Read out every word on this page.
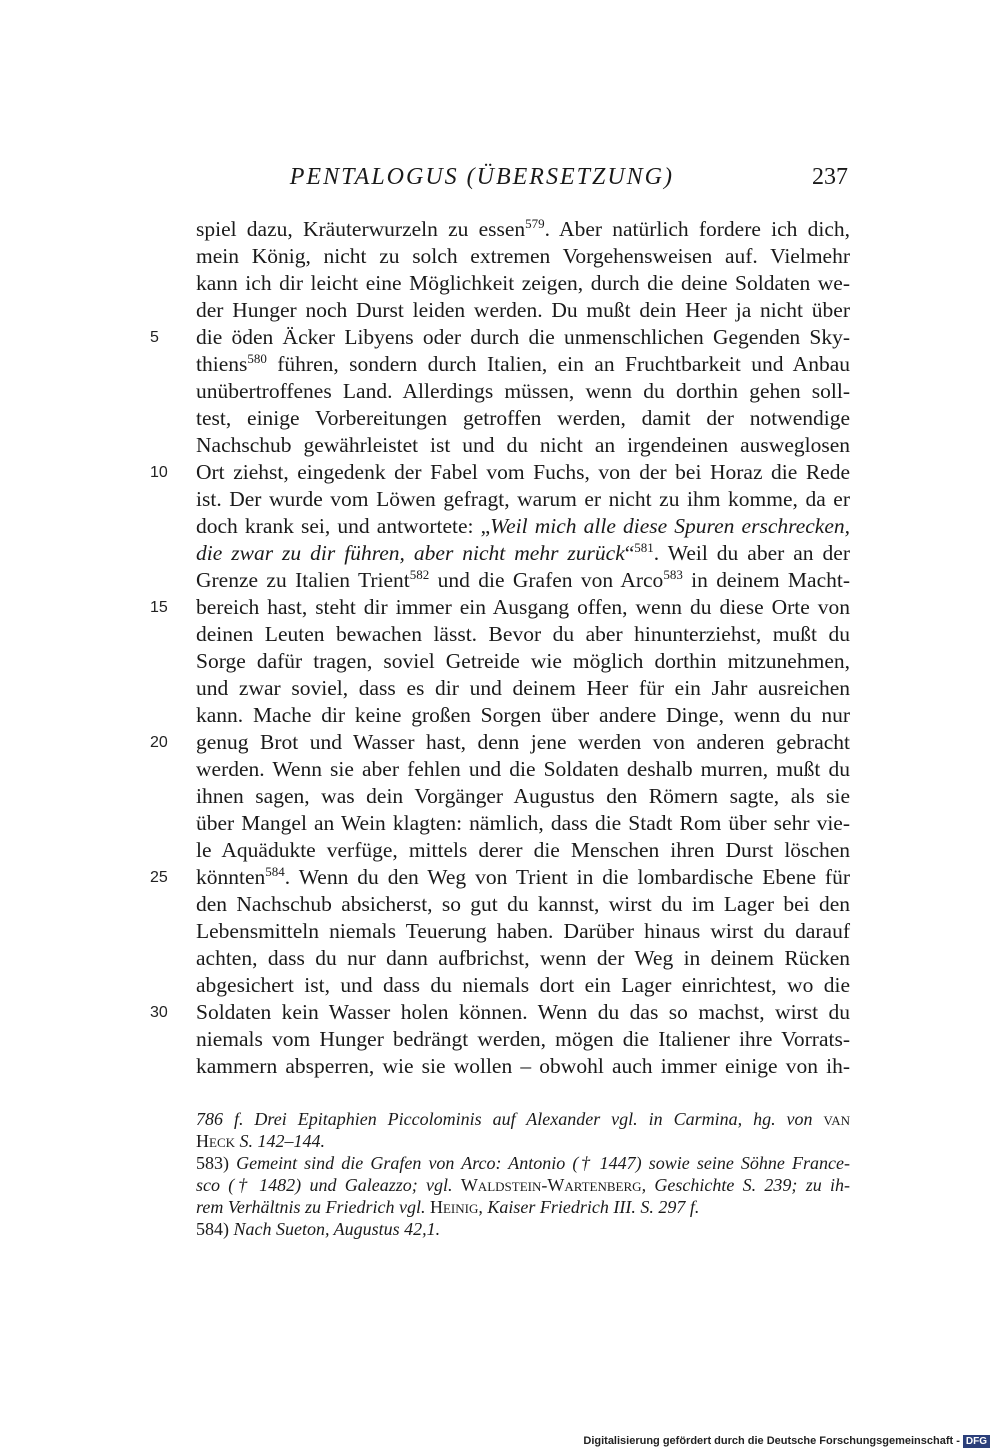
PENTALOGUS (ÜBERSETZUNG)	237
spiel dazu, Kräuterwurzeln zu essen$^{579}$. Aber natürlich fordere ich dich,
mein König, nicht zu solch extremen Vorgehensweisen auf. Vielmehr
kann ich dir leicht eine Möglichkeit zeigen, durch die deine Soldaten we-
der Hunger noch Durst leiden werden. Du mußt dein Heer ja nicht über
5	die öden Äcker Libyens oder durch die unmenschlichen Gegenden Sky-
thiens$^{580}$ führen, sondern durch Italien, ein an Fruchtbarkeit und Anbau
unübertroffenes Land. Allerdings müssen, wenn du dorthin gehen soll-
test, einige Vorbereitungen getroffen werden, damit der notwendige
Nachschub gewährleistet ist und du nicht an irgendeinen ausweglosen
10 Ort ziehst, eingedenk der Fabel vom Fuchs, von der bei Horaz die Rede
ist. Der wurde vom Löwen gefragt, warum er nicht zu ihm komme, da er
doch krank sei, und antwortete: „Weil mich alle diese Spuren erschrecken,
die zwar zu dir führen, aber nicht mehr zurück“$^{581}$. Weil du aber an der
Grenze zu Italien Trient$^{582}$ und die Grafen von Arco$^{583}$ in deinem Macht-
15 bereich hast, steht dir immer ein Ausgang offen, wenn du diese Orte von
deinen Leuten bewachen lässt. Bevor du aber hinunterziehst, mußt du
Sorge dafür tragen, soviel Getreide wie möglich dorthin mitzunehmen,
und zwar soviel, dass es dir und deinem Heer für ein Jahr ausreichen
kann. Mache dir keine großen Sorgen über andere Dinge, wenn du nur
20 genug Brot und Wasser hast, denn jene werden von anderen gebracht
werden. Wenn sie aber fehlen und die Soldaten deshalb murren, mußt du
ihnen sagen, was dein Vorgänger Augustus den Römern sagte, als sie
über Mangel an Wein klagten: nämlich, dass die Stadt Rom über sehr vie-
le Aquädukte verfüge, mittels derer die Menschen ihren Durst löschen
25 könnten$^{584}$. Wenn du den Weg von Trient in die lombardische Ebene für
den Nachschub absicherst, so gut du kannst, wirst du im Lager bei den
Lebensmitteln niemals Teuerung haben. Darüber hinaus wirst du darauf
achten, dass du nur dann aufbrichst, wenn der Weg in deinem Rücken
abgesichert ist, und dass du niemals dort ein Lager einrichtest, wo die
30 Soldaten kein Wasser holen können. Wenn du das so machst, wirst du
niemals vom Hunger bedrängt werden, mögen die Italiener ihre Vorrats-
kammern absperren, wie sie wollen – obwohl auch immer einige von ih-
786 f. Drei Epitaphien Piccolominis auf Alexander vgl. in Carmina, hg. von van
Heck S. 142–144.
583) Gemeint sind die Grafen von Arco: Antonio († 1447) sowie seine Söhne France-
sco († 1482) und Galeazzo; vgl. Waldstein-Wartenberg, Geschichte S. 239; zu ih-
rem Verhältnis zu Friedrich vgl. Heinig, Kaiser Friedrich III. S. 297 f.
584) Nach Sueton, Augustus 42,1.
Digitalisierung gefördert durch die Deutsche Forschungsgemeinschaft - DFG
